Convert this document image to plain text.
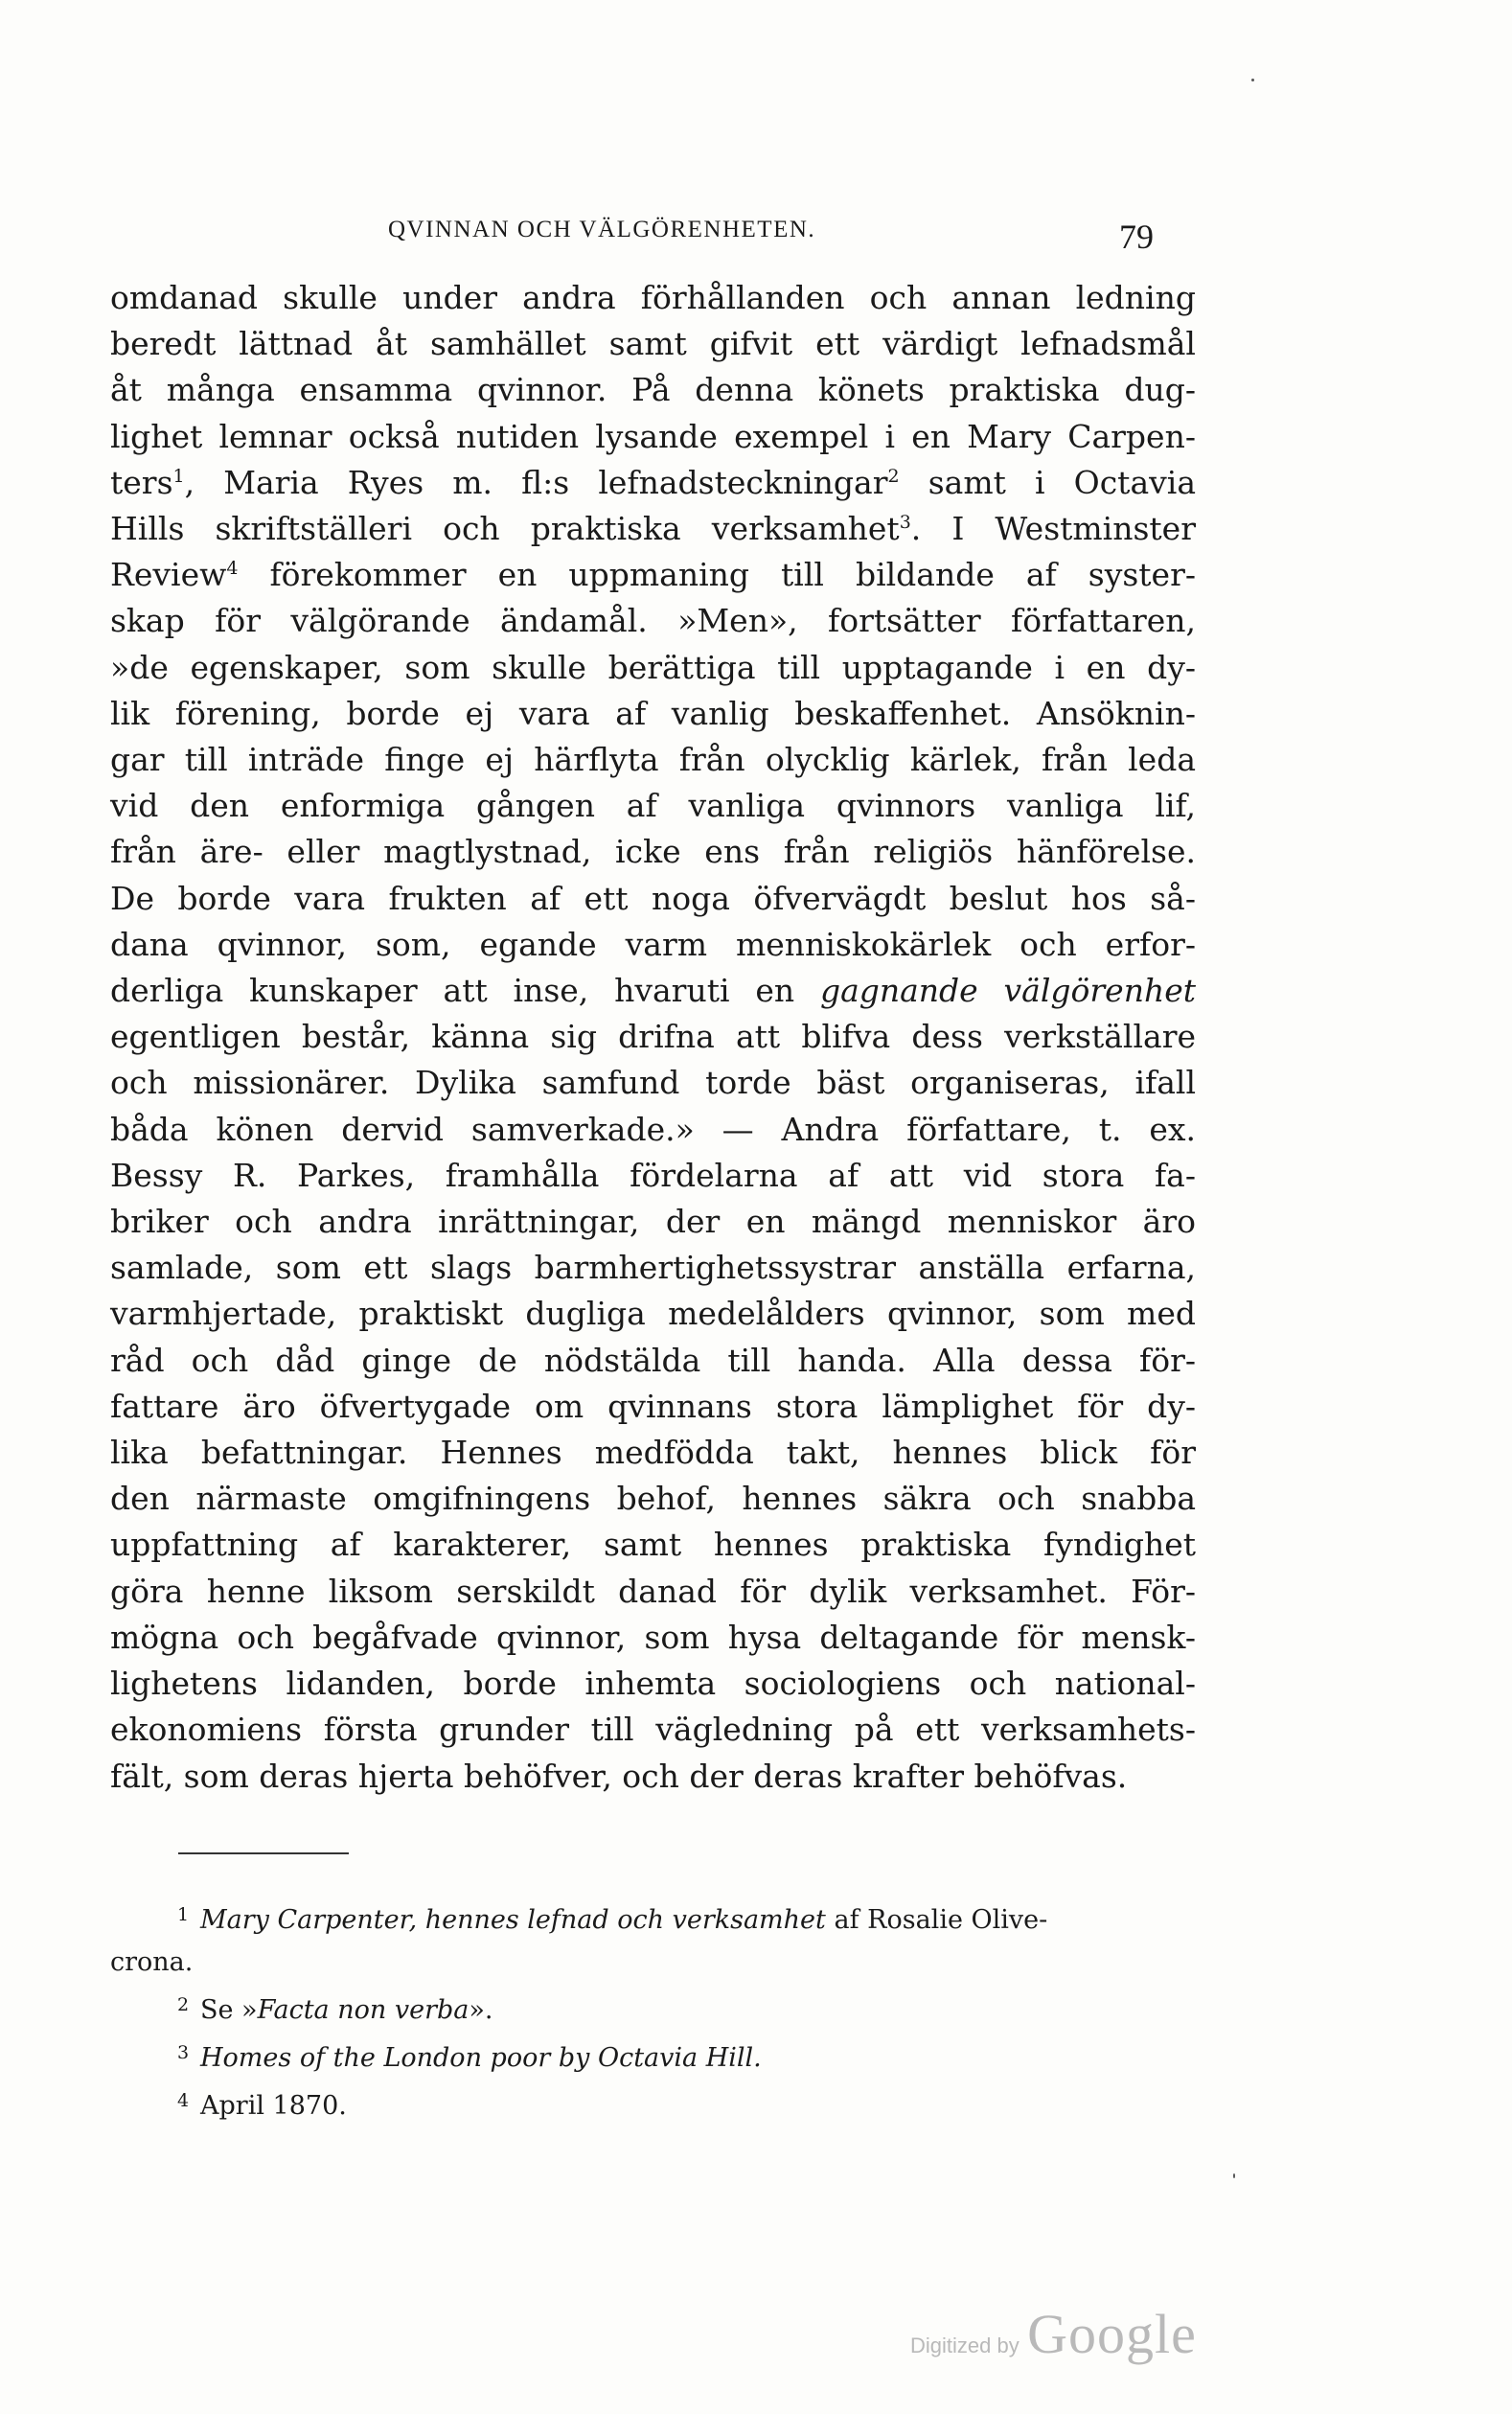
QVINNAN OCH VÄLGÖRENHETEN.	79
omdanad skulle under andra förhållanden och annan ledning
beredt lättnad åt samhället samt gifvit ett värdigt lefnadsmål
åt många ensamma qvinnor. På denna könets praktiska dug-
lighet lemnar också nutiden lysande exempel i en Mary Carpen-
ters$^1$, Maria Ryes m. fl:s lefnadsteckningar$^2$ samt i Octavia
Hills skriftställeri och praktiska verksamhet$^3$. I Westminster
Review$^4$ förekommer en uppmaning till bildande af syster-
skap för välgörande ändamål. »Men», fortsätter författaren,
»de egenskaper, som skulle berättiga till upptagande i en dy-
lik förening, borde ej vara af vanlig beskaffenhet. Ansöknin-
gar till inträde finge ej härflyta från olycklig kärlek, från leda
vid den enformiga gången af vanliga qvinnors vanliga lif,
från äre- eller magtlystnad, icke ens från religiös hänförelse.
De borde vara frukten af ett noga öfvervägdt beslut hos så-
dana qvinnor, som, egande varm menniskokärlek och erfor-
derliga kunskaper att inse, hvaruti en gagnande välgörenhet
egentligen består, känna sig drifna att blifva dess verkställare
och missionärer. Dylika samfund torde bäst organiseras, ifall
båda könen dervid samverkade.» — Andra författare, t. ex.
Bessy R. Parkes, framhålla fördelarna af att vid stora fa-
briker och andra inrättningar, der en mängd menniskor äro
samlade, som ett slags barmhertighetssystrar anställa erfarna,
varmhjertade, praktiskt dugliga medelålders qvinnor, som med
råd och dåd ginge de nödstälda till handa. Alla dessa för-
fattare äro öfvertygade om qvinnans stora lämplighet för dy-
lika befattningar. Hennes medfödda takt, hennes blick för
den närmaste omgifningens behof, hennes säkra och snabba
uppfattning af karakterer, samt hennes praktiska fyndighet
göra henne liksom serskildt danad för dylik verksamhet. För-
mögna och begåfvade qvinnor, som hysa deltagande för mensk-
lighetens lidanden, borde inhemta sociologiens och national-
ekonomiens första grunder till vägledning på ett verksamhets-
fält, som deras hjerta behöfver, och der deras krafter behöfvas.
1 Mary Carpenter, hennes lefnad och verksamhet af Rosalie Olive-
crona.
2 Se »Facta non verba».
3 Homes of the London poor by Octavia Hill.
4 April 1870.
Digitized by Google
